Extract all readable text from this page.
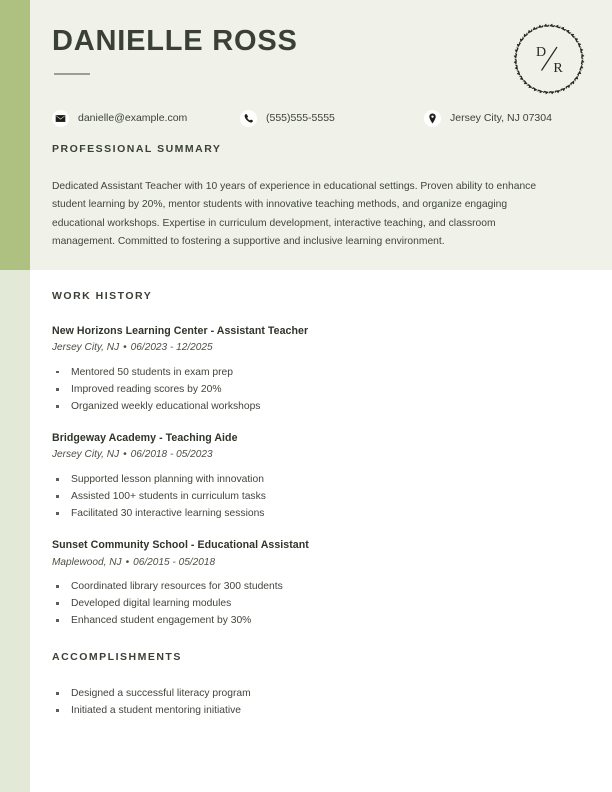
DANIELLE ROSS	D
R
danielle@example.com	(555)555-5555	Jersey City, NJ 07304
PROFESSIONAL SUMMARY
Dedicated Assistant Teacher with 10 years of experience in educational settings. Proven ability to enhance student learning by 20%, mentor students with innovative teaching methods, and organize engaging educational workshops. Expertise in curriculum development, interactive teaching, and classroom management. Committed to fostering a supportive and inclusive learning environment.
WORK HISTORY
New Horizons Learning Center - Assistant Teacher
Jersey City, NJ • 06/2023 - 12/2025
Mentored 50 students in exam prep
Improved reading scores by 20%
Organized weekly educational workshops
Bridgeway Academy - Teaching Aide
Jersey City, NJ • 06/2018 - 05/2023
Supported lesson planning with innovation
Assisted 100+ students in curriculum tasks
Facilitated 30 interactive learning sessions
Sunset Community School - Educational Assistant
Maplewood, NJ • 06/2015 - 05/2018
Coordinated library resources for 300 students
Developed digital learning modules
Enhanced student engagement by 30%
ACCOMPLISHMENTS
Designed a successful literacy program
Initiated a student mentoring initiative
